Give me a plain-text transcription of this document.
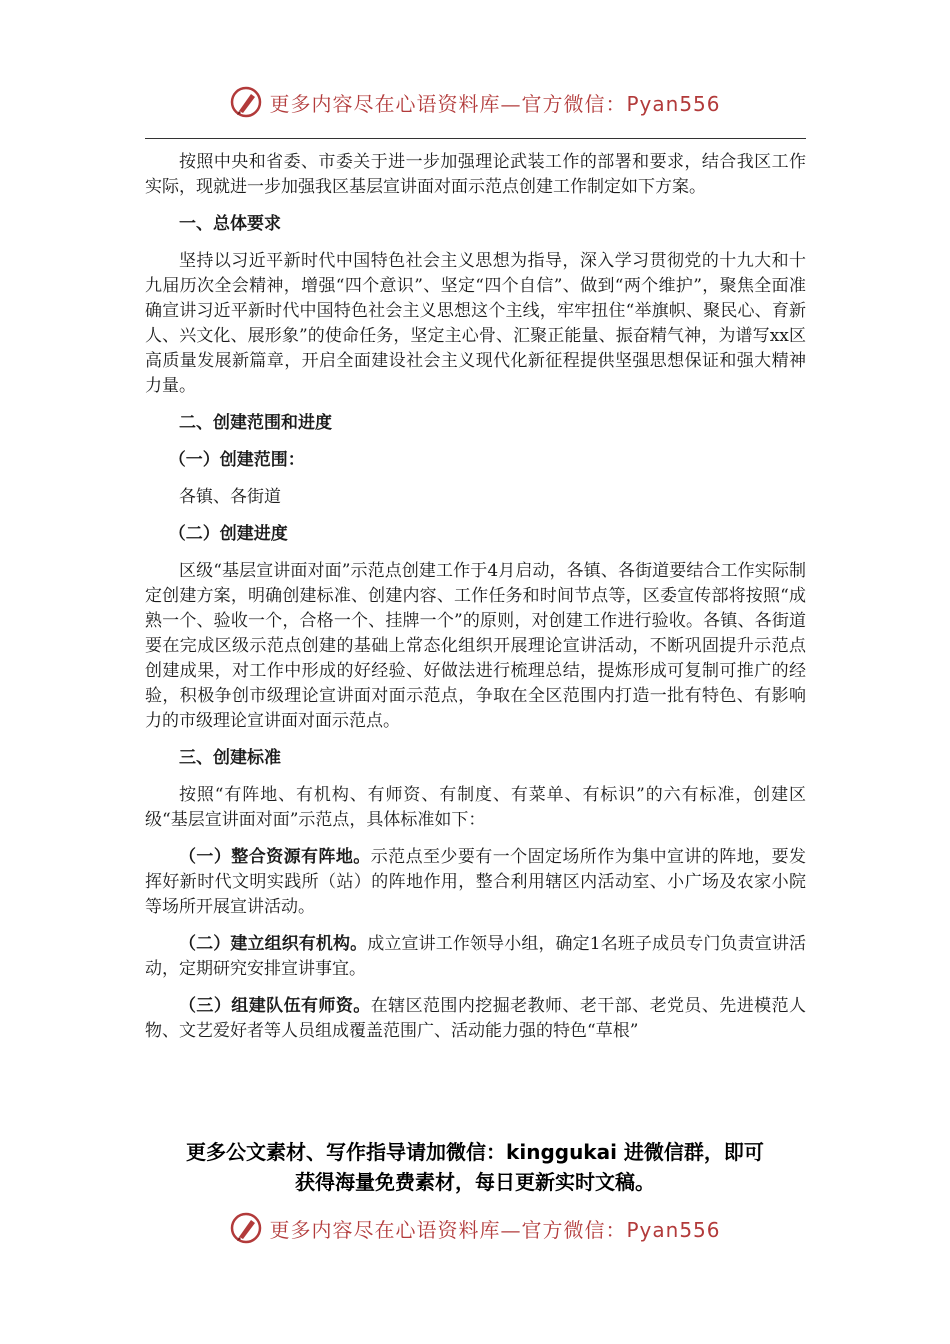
更多内容尽在心语资料库—官方微信：Pyan556

按照中央和省委、市委关于进一步加强理论武装工作的部署和要求，结合我区工作实际，现就进一步加强我区基层宣讲面对面示范点创建工作制定如下方案。

一、总体要求

坚持以习近平新时代中国特色社会主义思想为指导，深入学习贯彻党的十九大和十九届历次全会精神，增强“四个意识”、坚定“四个自信”、做到“两个维护”，聚焦全面准确宣讲习近平新时代中国特色社会主义思想这个主线，牢牢扭住“举旗帜、聚民心、育新人、兴文化、展形象”的使命任务，坚定主心骨、汇聚正能量、振奋精气神，为谱写xx区高质量发展新篇章，开启全面建设社会主义现代化新征程提供坚强思想保证和强大精神力量。

二、创建范围和进度

（一）创建范围：

各镇、各街道

（二）创建进度

区级“基层宣讲面对面”示范点创建工作于4月启动，各镇、各街道要结合工作实际制定创建方案，明确创建标准、创建内容、工作任务和时间节点等，区委宣传部将按照“成熟一个、验收一个，合格一个、挂牌一个”的原则，对创建工作进行验收。各镇、各街道要在完成区级示范点创建的基础上常态化组织开展理论宣讲活动，不断巩固提升示范点创建成果，对工作中形成的好经验、好做法进行梳理总结，提炼形成可复制可推广的经验，积极争创市级理论宣讲面对面示范点，争取在全区范围内打造一批有特色、有影响力的市级理论宣讲面对面示范点。

三、创建标准

按照“有阵地、有机构、有师资、有制度、有菜单、有标识”的六有标准，创建区级“基层宣讲面对面”示范点，具体标准如下：

（一）整合资源有阵地。示范点至少要有一个固定场所作为集中宣讲的阵地，要发挥好新时代文明实践所（站）的阵地作用，整合利用辖区内活动室、小广场及农家小院等场所开展宣讲活动。

（二）建立组织有机构。成立宣讲工作领导小组，确定1名班子成员专门负责宣讲活动，定期研究安排宣讲事宜。

（三）组建队伍有师资。在辖区范围内挖掘老教师、老干部、老党员、先进模范人物、文艺爱好者等人员组成覆盖范围广、活动能力强的特色“草根”

更多公文素材、写作指导请加微信：kinggukai 进微信群，即可
获得海量免费素材，每日更新实时文稿。
更多内容尽在心语资料库—官方微信：Pyan556
